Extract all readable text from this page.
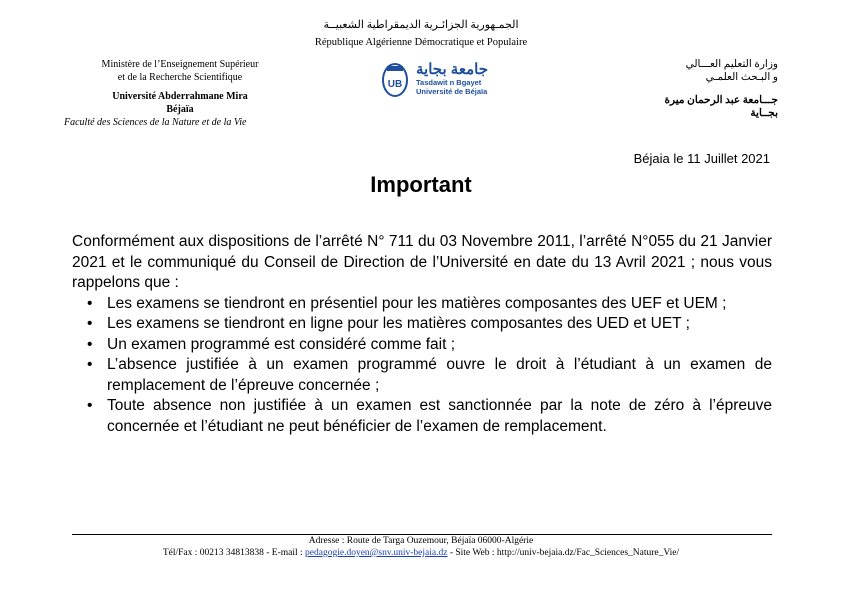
الجمـهورية الجزائـرية الديمقراطية الشعبيــة
République Algérienne Démocratique et Populaire
Ministère de l’Enseignement Supérieur
et de la Recherche Scientifique
Université Abderrahmane Mira
Béjaïa
Faculté des Sciences de la Nature et de la Vie
UB
جامعة بجاية
Tasdawit n Bgayet
Université de Béjaïa
وزارة التعليم العـــالي
و البـحث العلمـي
جـــامعة عبد الرحمان ميرة
بجــاية
Béjaia le 11 Juillet 2021
Important
Conformément aux dispositions de l’arrêté N° 711 du 03 Novembre 2011, l’arrêté N°055 du 21 Janvier 2021 et le communiqué du Conseil de Direction de l’Université en date du 13 Avril 2021 ; nous vous rappelons que :
• Les examens se tiendront en présentiel pour les matières composantes des UEF et UEM ;
• Les examens se tiendront en ligne pour les matières composantes des UED et UET ;
• Un examen programmé est considéré comme fait ;
• L’absence justifiée à un examen programmé ouvre le droit à l’étudiant à un examen de remplacement de l’épreuve concernée ;
• Toute absence non justifiée à un examen est sanctionnée par la note de zéro à l’épreuve concernée et l’étudiant ne peut bénéficier de l’examen de remplacement.
Adresse : Route de Targa Ouzemour, Béjaïa 06000-Algérie
Tél/Fax : 00213 34813838 - E-mail : pedagogie.doyen@snv.univ-bejaia.dz - Site Web : http://univ-bejaia.dz/Fac_Sciences_Nature_Vie/
